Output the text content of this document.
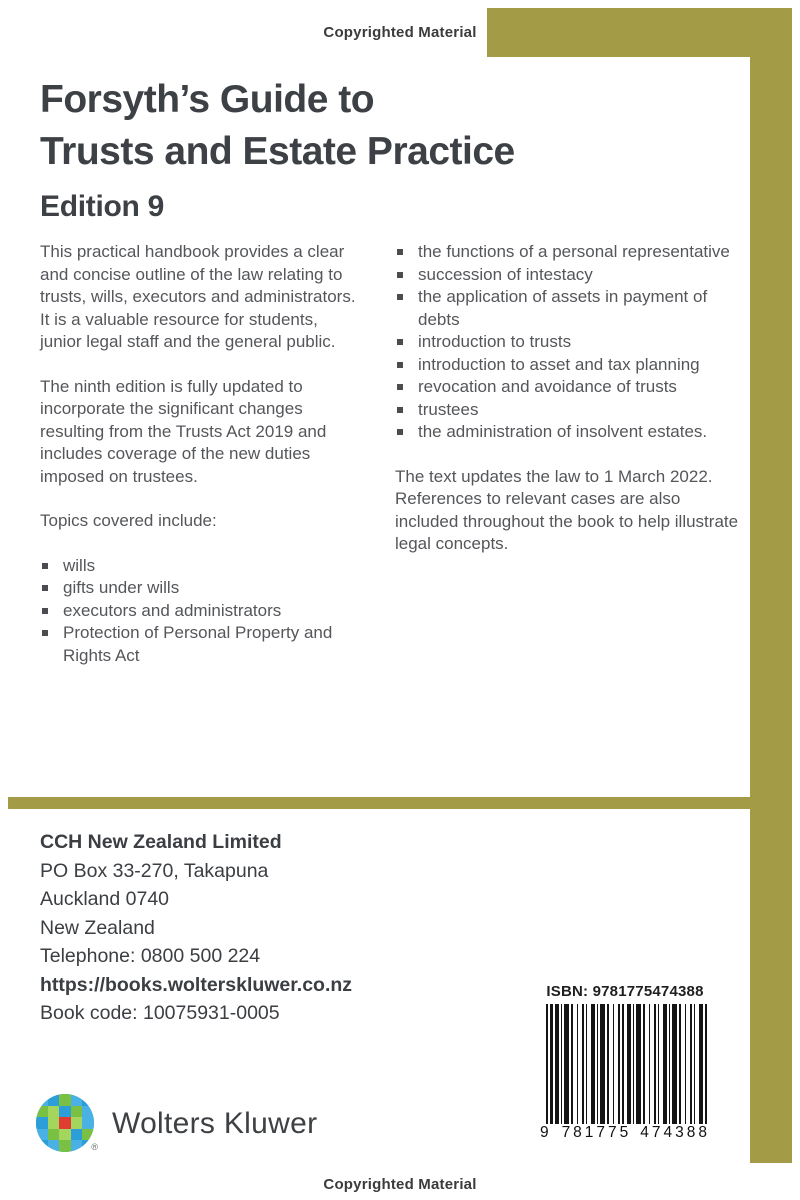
Copyrighted Material
Forsyth’s Guide to
Trusts and Estate Practice
Edition 9

This practical handbook provides a clear and concise outline of the law relating to trusts, wills, executors and administrators. It is a valuable resource for students, junior legal staff and the general public.

The ninth edition is fully updated to incorporate the significant changes resulting from the Trusts Act 2019 and includes coverage of the new duties imposed on trustees.

Topics covered include:

wills
gifts under wills
executors and administrators
Protection of Personal Property and Rights Act
the functions of a personal representative
succession of intestacy
the application of assets in payment of debts
introduction to trusts
introduction to asset and tax planning
revocation and avoidance of trusts
trustees
the administration of insolvent estates.

The text updates the law to 1 March 2022. References to relevant cases are also included throughout the book to help illustrate legal concepts.

CCH New Zealand Limited
PO Box 33-270, Takapuna
Auckland 0740
New Zealand
Telephone: 0800 500 224
https://books.wolterskluwer.co.nz
Book code: 10075931-0005
ISBN: 9781775474388
9 781775 474388
®
Wolters Kluwer
Copyrighted Material
